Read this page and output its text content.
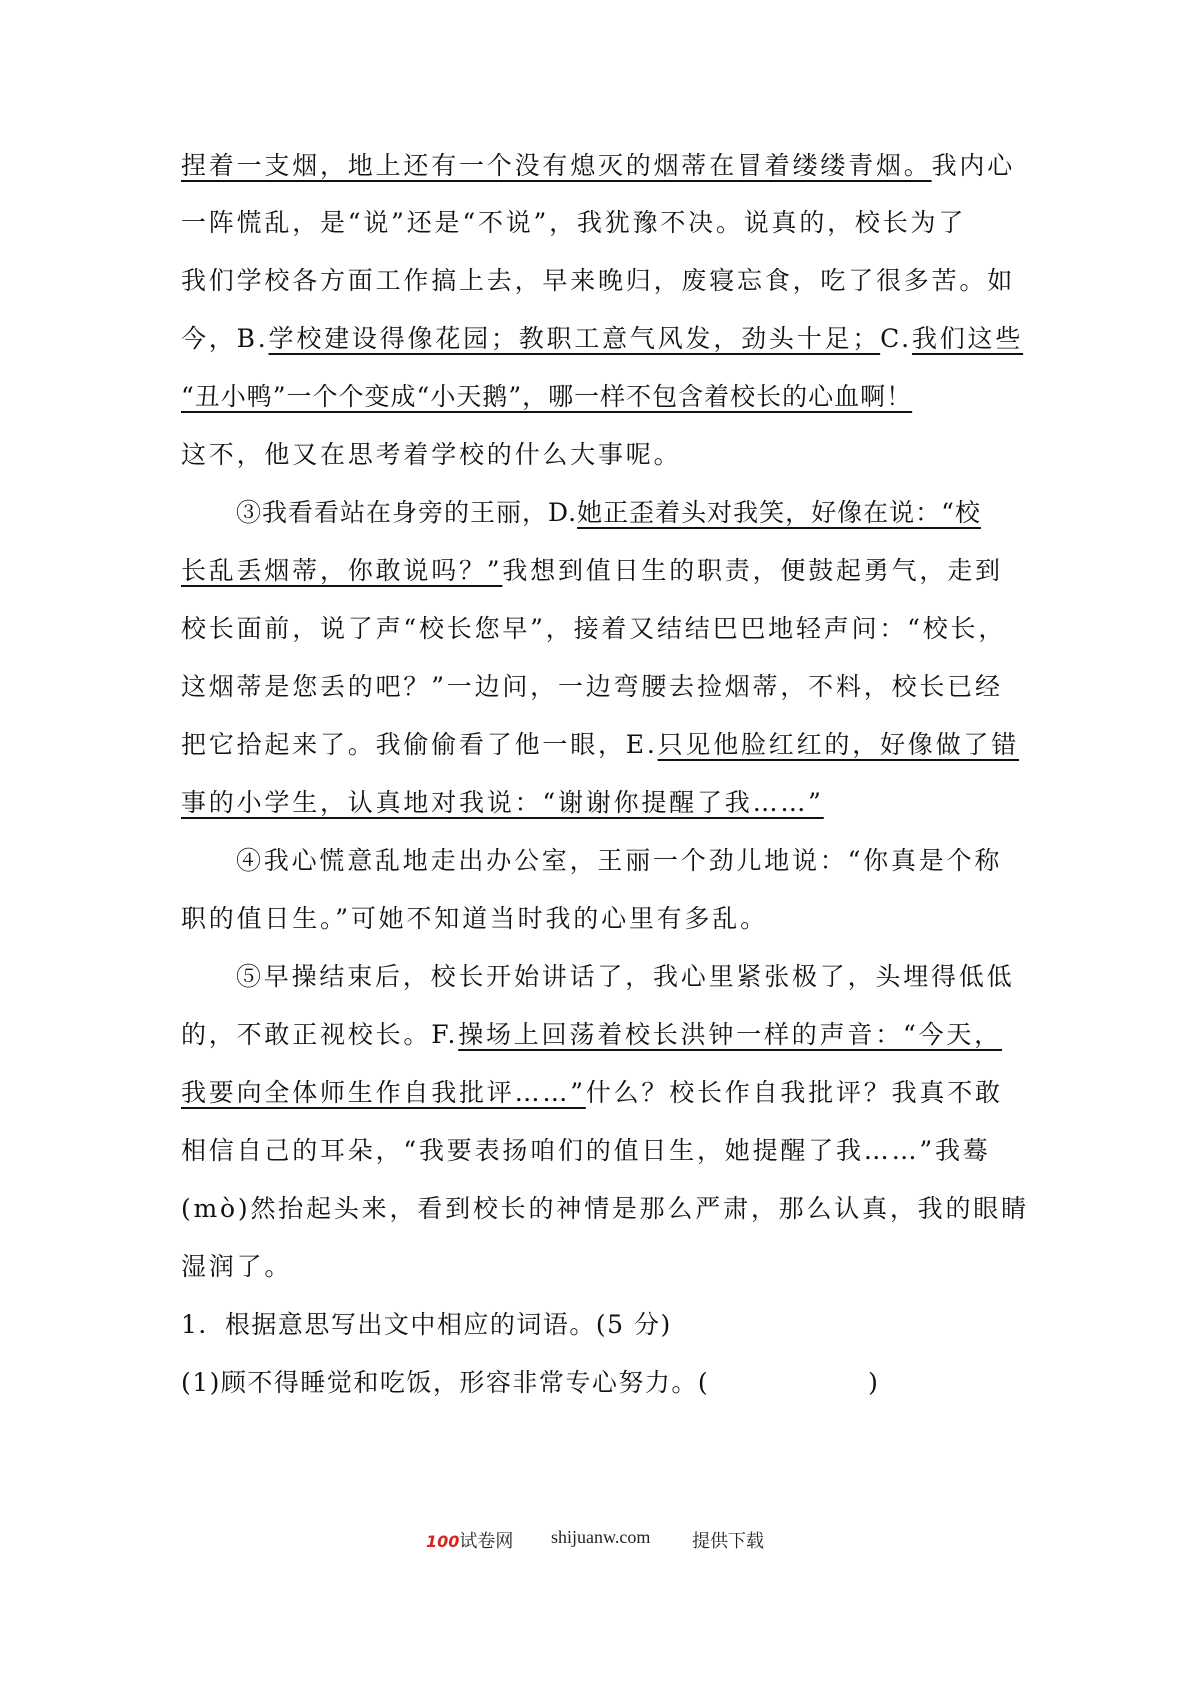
捏着一支烟，地上还有一个没有熄灭的烟蒂在冒着缕缕青烟。我内心
一阵慌乱，是“说”还是“不说”，我犹豫不决。说真的，校长为了
我们学校各方面工作搞上去，早来晚归，废寝忘食，吃了很多苦。如
今，B.学校建设得像花园；教职工意气风发，劲头十足；C.我们这些
“丑小鸭”一个个变成“小天鹅”，哪一样不包含着校长的心血啊！
这不，他又在思考着学校的什么大事呢。
③我看看站在身旁的王丽，D.她正歪着头对我笑，好像在说：“校
长乱丢烟蒂，你敢说吗？”我想到值日生的职责，便鼓起勇气，走到
校长面前，说了声“校长您早”，接着又结结巴巴地轻声问：“校长，
这烟蒂是您丢的吧？”一边问，一边弯腰去捡烟蒂，不料，校长已经
把它拾起来了。我偷偷看了他一眼，E.只见他脸红红的，好像做了错
事的小学生，认真地对我说：“谢谢你提醒了我……”
④我心慌意乱地走出办公室，王丽一个劲儿地说：“你真是个称
职的值日生。”可她不知道当时我的心里有多乱。
⑤早操结束后，校长开始讲话了，我心里紧张极了，头埋得低低
的，不敢正视校长。F.操场上回荡着校长洪钟一样的声音：“今天，
我要向全体师生作自我批评……”什么？校长作自我批评？我真不敢
相信自己的耳朵，“我要表扬咱们的值日生，她提醒了我……”我蓦
(mò)然抬起头来，看到校长的神情是那么严肃，那么认真，我的眼睛
湿润了。
1．根据意思写出文中相应的词语。(5 分)
(1)顾不得睡觉和吃饭，形容非常专心努力。(　　　　　　)
100试卷网 shijuanw.com 提供下载
